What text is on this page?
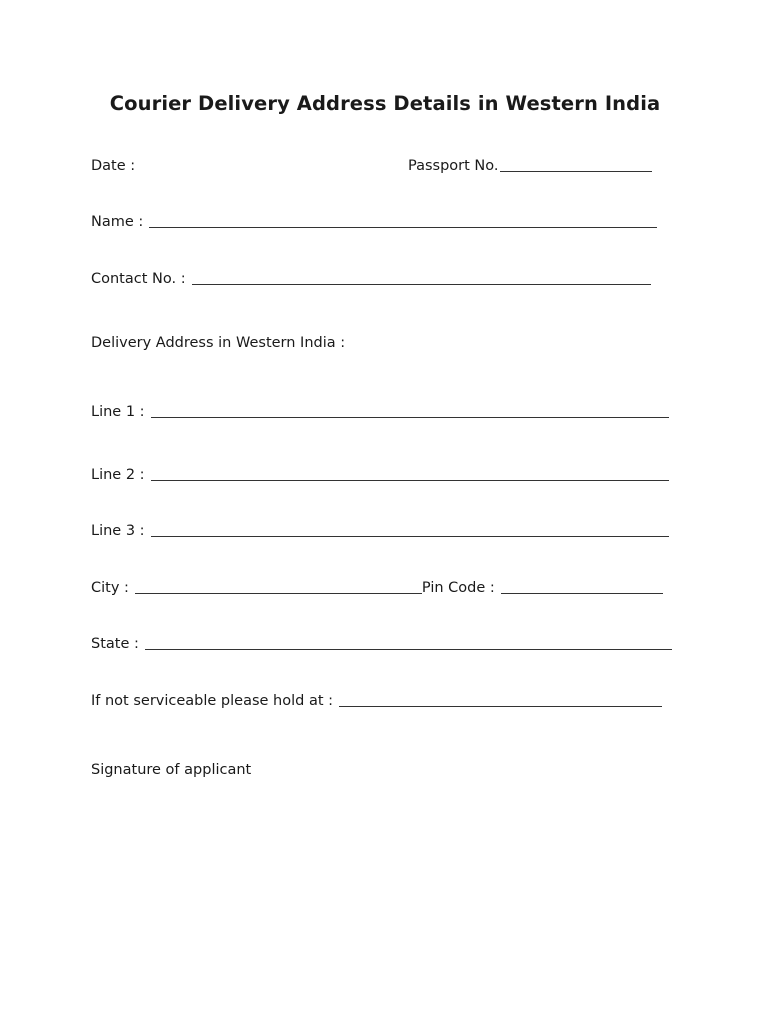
Courier Delivery Address Details in Western India
Date :	Passport No.
Name :
Contact No. :
Delivery Address in Western India :
Line 1 :
Line 2 :
Line 3 :
City :	Pin Code :
State :
If not serviceable please hold at :
Signature of applicant
